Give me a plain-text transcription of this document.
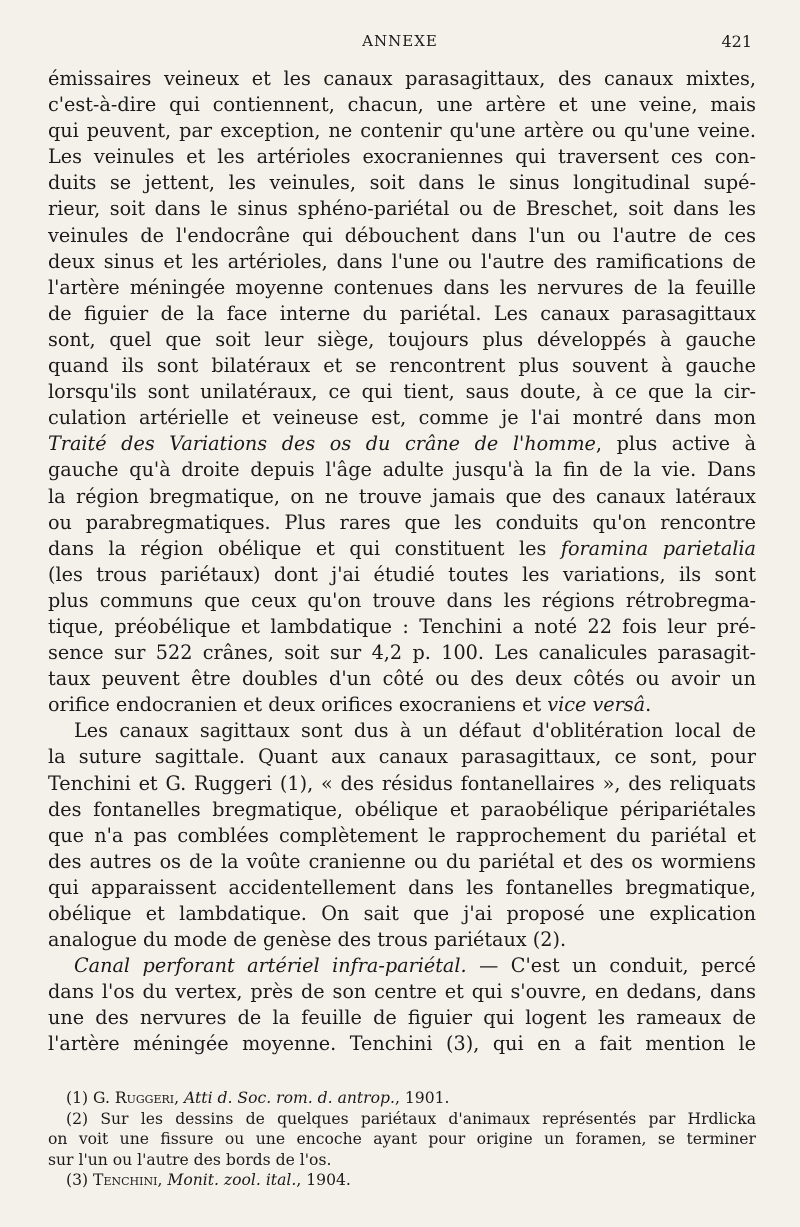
ANNEXE	421
émissaires veineux et les canaux parasagittaux, des canaux mixtes,
c'est-à-dire qui contiennent, chacun, une artère et une veine, mais
qui peuvent, par exception, ne contenir qu'une artère ou qu'une veine.
Les veinules et les artérioles exocraniennes qui traversent ces con-
duits se jettent, les veinules, soit dans le sinus longitudinal supé-
rieur, soit dans le sinus sphéno-pariétal ou de Breschet, soit dans les
veinules de l'endocrâne qui débouchent dans l'un ou l'autre de ces
deux sinus et les artérioles, dans l'une ou l'autre des ramifications de
l'artère méningée moyenne contenues dans les nervures de la feuille
de figuier de la face interne du pariétal. Les canaux parasagittaux
sont, quel que soit leur siège, toujours plus développés à gauche
quand ils sont bilatéraux et se rencontrent plus souvent à gauche
lorsqu'ils sont unilatéraux, ce qui tient, saus doute, à ce que la cir-
culation artérielle et veineuse est, comme je l'ai montré dans mon
Traité des Variations des os du crâne de l'homme, plus active à
gauche qu'à droite depuis l'âge adulte jusqu'à la fin de la vie. Dans
la région bregmatique, on ne trouve jamais que des canaux latéraux
ou parabregmatiques. Plus rares que les conduits qu'on rencontre
dans la région obélique et qui constituent les foramina parietalia
(les trous pariétaux) dont j'ai étudié toutes les variations, ils sont
plus communs que ceux qu'on trouve dans les régions rétrobregma-
tique, préobélique et lambdatique : Tenchini a noté 22 fois leur pré-
sence sur 522 crânes, soit sur 4,2 p. 100. Les canalicules parasagit-
taux peuvent être doubles d'un côté ou des deux côtés ou avoir un
orifice endocranien et deux orifices exocraniens et vice versâ.
Les canaux sagittaux sont dus à un défaut d'oblitération local de
la suture sagittale. Quant aux canaux parasagittaux, ce sont, pour
Tenchini et G. Ruggeri (1), « des résidus fontanellaires », des reliquats
des fontanelles bregmatique, obélique et paraobélique péripariétales
que n'a pas comblées complètement le rapprochement du pariétal et
des autres os de la voûte cranienne ou du pariétal et des os wormiens
qui apparaissent accidentellement dans les fontanelles bregmatique,
obélique et lambdatique. On sait que j'ai proposé une explication
analogue du mode de genèse des trous pariétaux (2).
Canal perforant artériel infra-pariétal. — C'est un conduit, percé
dans l'os du vertex, près de son centre et qui s'ouvre, en dedans, dans
une des nervures de la feuille de figuier qui logent les rameaux de
l'artère méningée moyenne. Tenchini (3), qui en a fait mention le
(1) G. Ruggeri, Atti d. Soc. rom. d. antrop., 1901.
(2) Sur les dessins de quelques pariétaux d'animaux représentés par Hrdlicka
on voit une fissure ou une encoche ayant pour origine un foramen, se terminer
sur l'un ou l'autre des bords de l'os.
(3) Tenchini, Monit. zool. ital., 1904.
